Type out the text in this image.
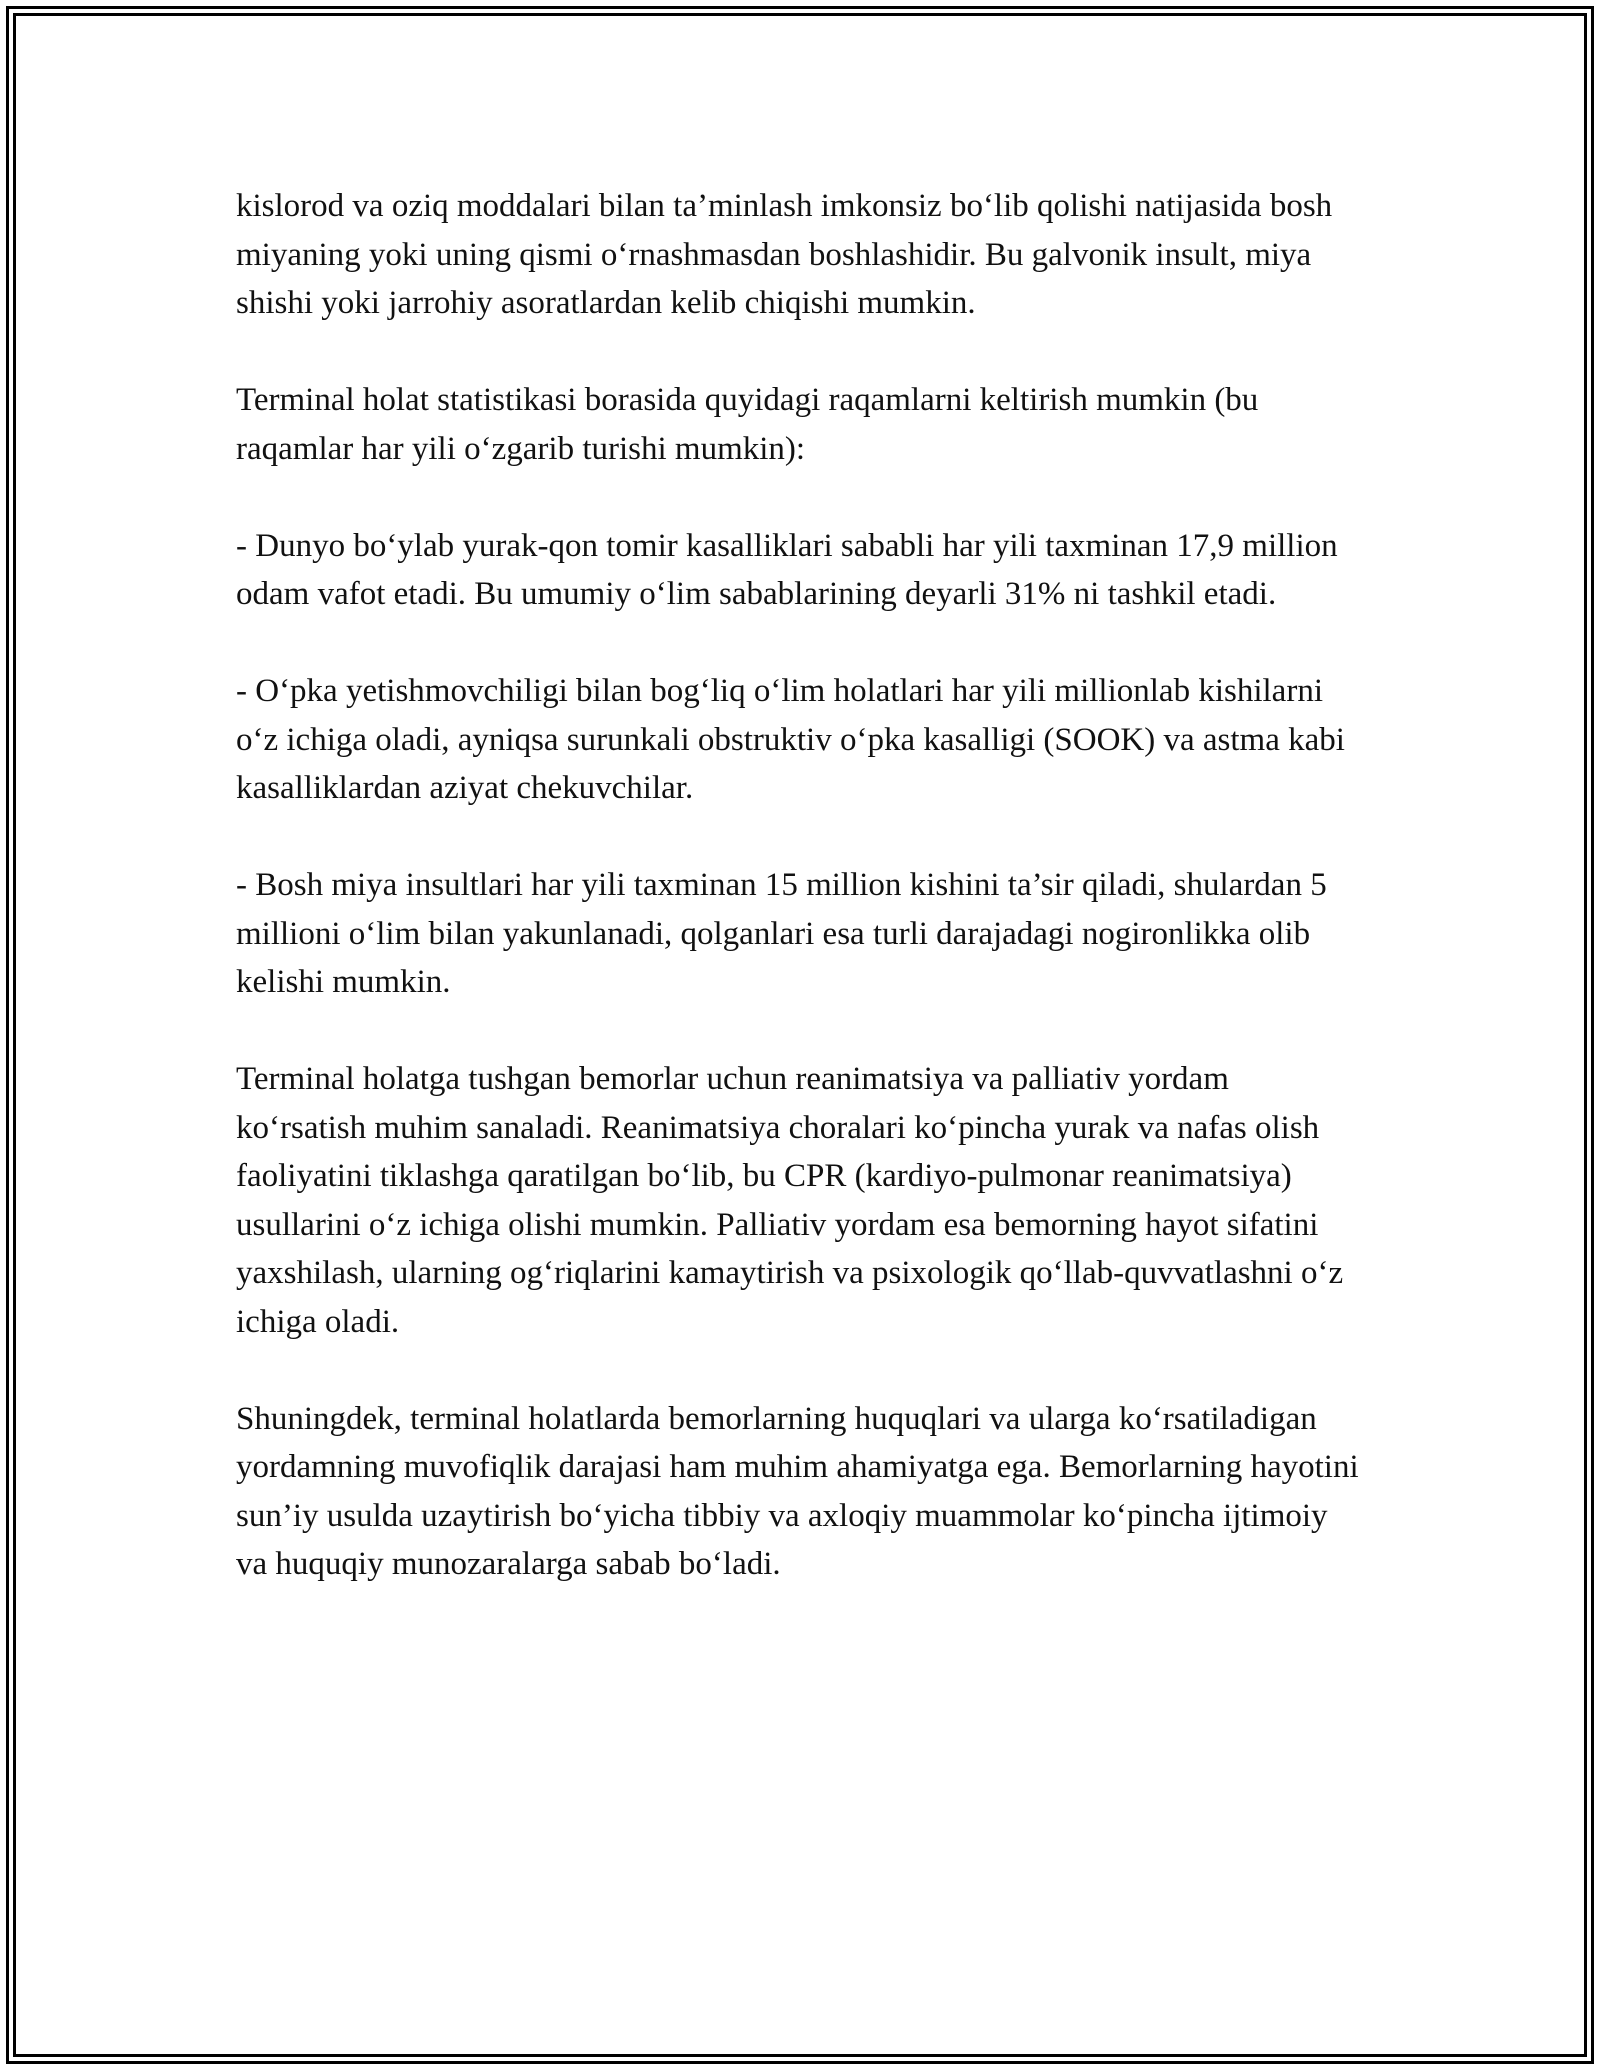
kislorod va oziq moddalari bilan ta’minlash imkonsiz bo‘lib qolishi natijasida bosh miyaning yoki uning qismi o‘rnashmasdan boshlashidir. Bu galvonik insult, miya shishi yoki jarrohiy asoratlardan kelib chiqishi mumkin.

Terminal holat statistikasi borasida quyidagi raqamlarni keltirish mumkin (bu raqamlar har yili o‘zgarib turishi mumkin):

- Dunyo bo‘ylab yurak-qon tomir kasalliklari sababli har yili taxminan 17,9 million odam vafot etadi. Bu umumiy o‘lim sabablarining deyarli 31% ni tashkil etadi.

- O‘pka yetishmovchiligi bilan bog‘liq o‘lim holatlari har yili millionlab kishilarni o‘z ichiga oladi, ayniqsa surunkali obstruktiv o‘pka kasalligi (SOOK) va astma kabi kasalliklardan aziyat chekuvchilar.

- Bosh miya insultlari har yili taxminan 15 million kishini ta’sir qiladi, shulardan 5 millioni o‘lim bilan yakunlanadi, qolganlari esa turli darajadagi nogironlikka olib kelishi mumkin.

Terminal holatga tushgan bemorlar uchun reanimatsiya va palliativ yordam ko‘rsatish muhim sanaladi. Reanimatsiya choralari ko‘pincha yurak va nafas olish faoliyatini tiklashga qaratilgan bo‘lib, bu CPR (kardiyo-pulmonar reanimatsiya) usullarini o‘z ichiga olishi mumkin. Palliativ yordam esa bemorning hayot sifatini yaxshilash, ularning og‘riqlarini kamaytirish va psixologik qo‘llab-quvvatlashni o‘z ichiga oladi.

Shuningdek, terminal holatlarda bemorlarning huquqlari va ularga ko‘rsatiladigan yordamning muvofiqlik darajasi ham muhim ahamiyatga ega. Bemorlarning hayotini sun’iy usulda uzaytirish bo‘yicha tibbiy va axloqiy muammolar ko‘pincha ijtimoiy va huquqiy munozaralarga sabab bo‘ladi.
